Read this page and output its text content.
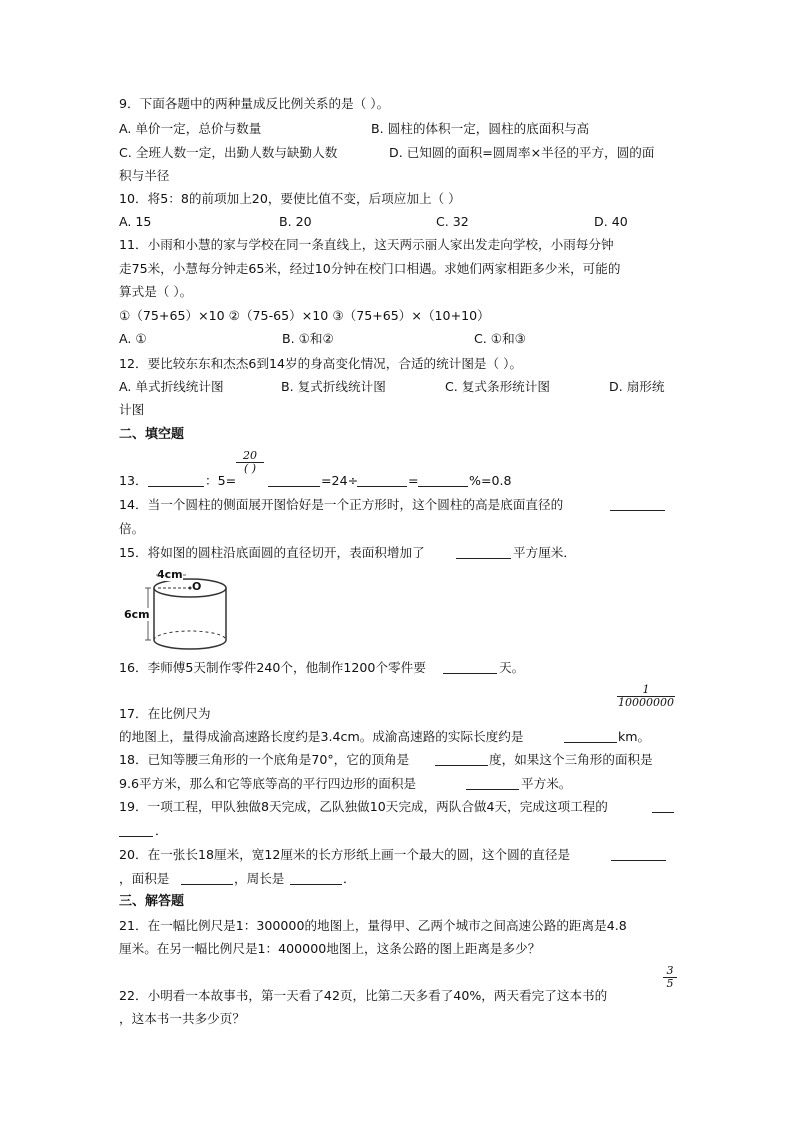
9．下面各题中的两种量成反比例关系的是（ ）。
A. 单价一定，总价与数量	B. 圆柱的体积一定，圆柱的底面积与高
C. 全班人数一定，出勤人数与缺勤人数	D. 已知圆的面积=圆周率×半径的平方，圆的面
积与半径
10．将5：8的前项加上20，要使比值不变，后项应加上（ ）
A. 15	B. 20	C. 32	D. 40
11．小雨和小慧的家与学校在同一条直线上，这天两示丽人家出发走向学校，小雨每分钟
走75米，小慧每分钟走65米，经过10分钟在校门口相遇。求她们两家相距多少米，可能的
算式是（ ）。
①（75+65）×10 ②（75-65）×10 ③（75+65）×（10+10）
A. ①	B. ①和②	C. ①和③
12．要比较东东和杰杰6到14岁的身高变化情况，合适的统计图是（ ）。
A. 单式折线统计图	B. 复式折线统计图	C. 复式条形统计图	D. 扇形统
计图
二、填空题
13．	：5=
20
( )
=24÷	=	%=0.8
14．当一个圆柱的侧面展开图恰好是一个正方形时，这个圆柱的高是底面直径的
倍。
15．将如图的圆柱沿底面圆的直径切开，表面积增加了	平方厘米．
4cm
O
6cm
16．李师傅5天制作零件240个，他制作1200个零件要	天。
1
10000000
17．在比例尺为
的地图上，量得成渝高速路长度约是3.4cm。成渝高速路的实际长度约是	km。
18．已知等腰三角形的一个底角是70°，它的顶角是	度，如果这个三角形的面积是
9.6平方米，那么和它等底等高的平行四边形的面积是	平方米。
19．一项工程，甲队独做8天完成，乙队独做10天完成，两队合做4天，完成这项工程的
．
20．在一张长18厘米，宽12厘米的长方形纸上画一个最大的圆，这个圆的直径是
，面积是	，周长是	．
三、解答题
21．在一幅比例尺是1：300000的地图上，量得甲、乙两个城市之间高速公路的距离是4.8
厘米。在另一幅比例尺是1：400000地图上，这条公路的图上距离是多少？
3
5
22．小明看一本故事书，第一天看了42页，比第二天多看了40%，两天看完了这本书的
，这本书一共多少页？
